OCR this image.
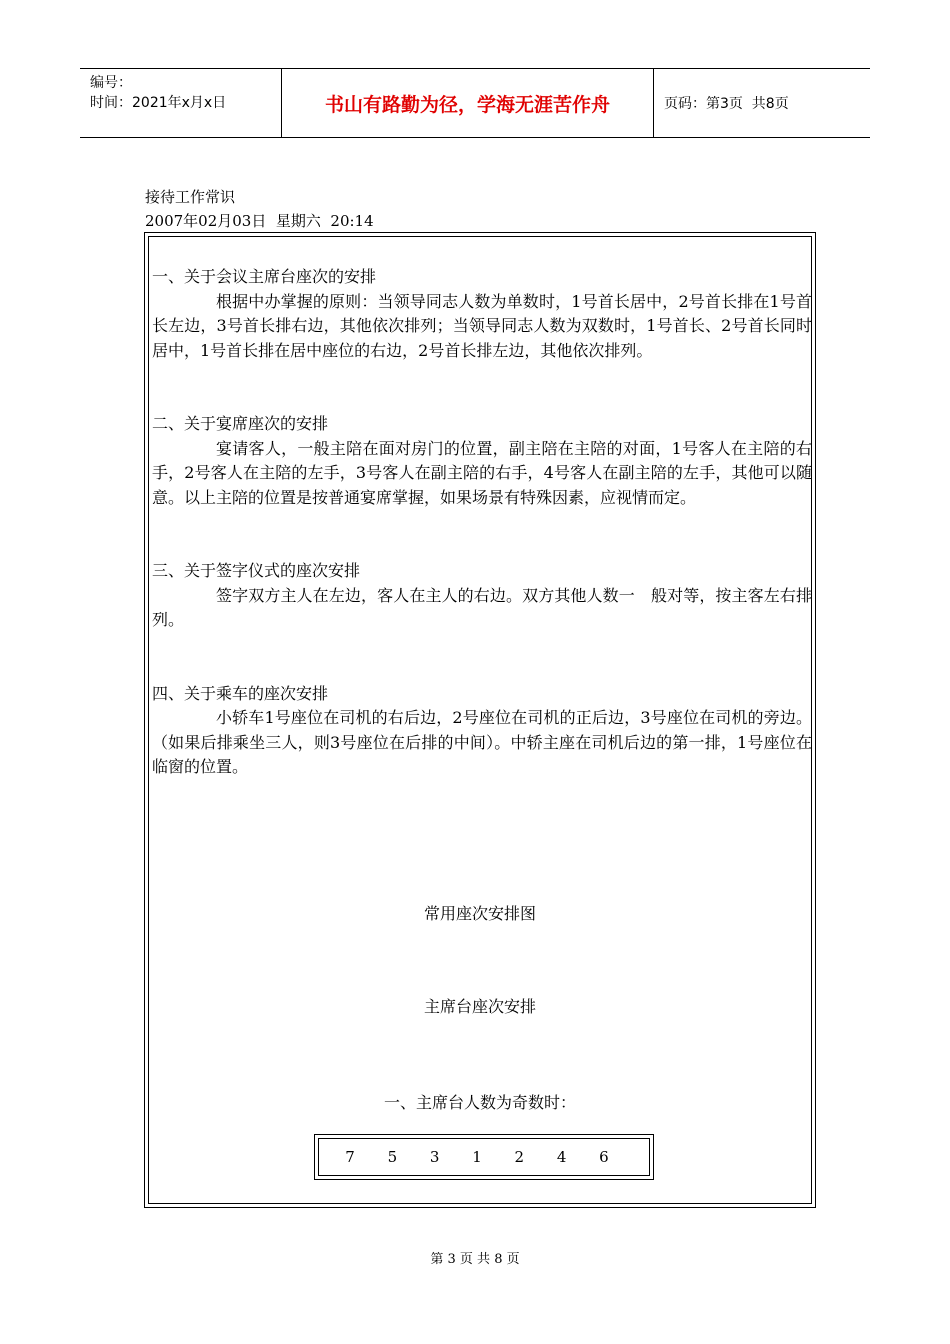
编号：
时间：2021年x月x日	书山有路勤为径，学海无涯苦作舟	页码：第3页  共8页
接待工作常识
2007年02月03日  星期六  20:14

一、关于会议主席台座次的安排

根据中办掌握的原则：当领导同志人数为单数时，1号首长居中，2号首长排在1号首长左边，3号首长排右边，其他依次排列；当领导同志人数为双数时，1号首长、2号首长同时居中，1号首长排在居中座位的右边，2号首长排左边，其他依次排列。

二、关于宴席座次的安排

宴请客人，一般主陪在面对房门的位置，副主陪在主陪的对面，1号客人在主陪的右手，2号客人在主陪的左手，3号客人在副主陪的右手，4号客人在副主陪的左手，其他可以随意。以上主陪的位置是按普通宴席掌握，如果场景有特殊因素，应视情而定。

三、关于签字仪式的座次安排

签字双方主人在左边，客人在主人的右边。双方其他人数一　般对等，按主客左右排列。

四、关于乘车的座次安排

小轿车1号座位在司机的右后边，2号座位在司机的正后边，3号座位在司机的旁边。（如果后排乘坐三人，则3号座位在后排的中间）。中轿主座在司机后边的第一排，1号座位在临窗的位置。

常用座次安排图
主席台座次安排
一、主席台人数为奇数时：
7 5 3 1 2 4 6
第 3 页 共 8 页
